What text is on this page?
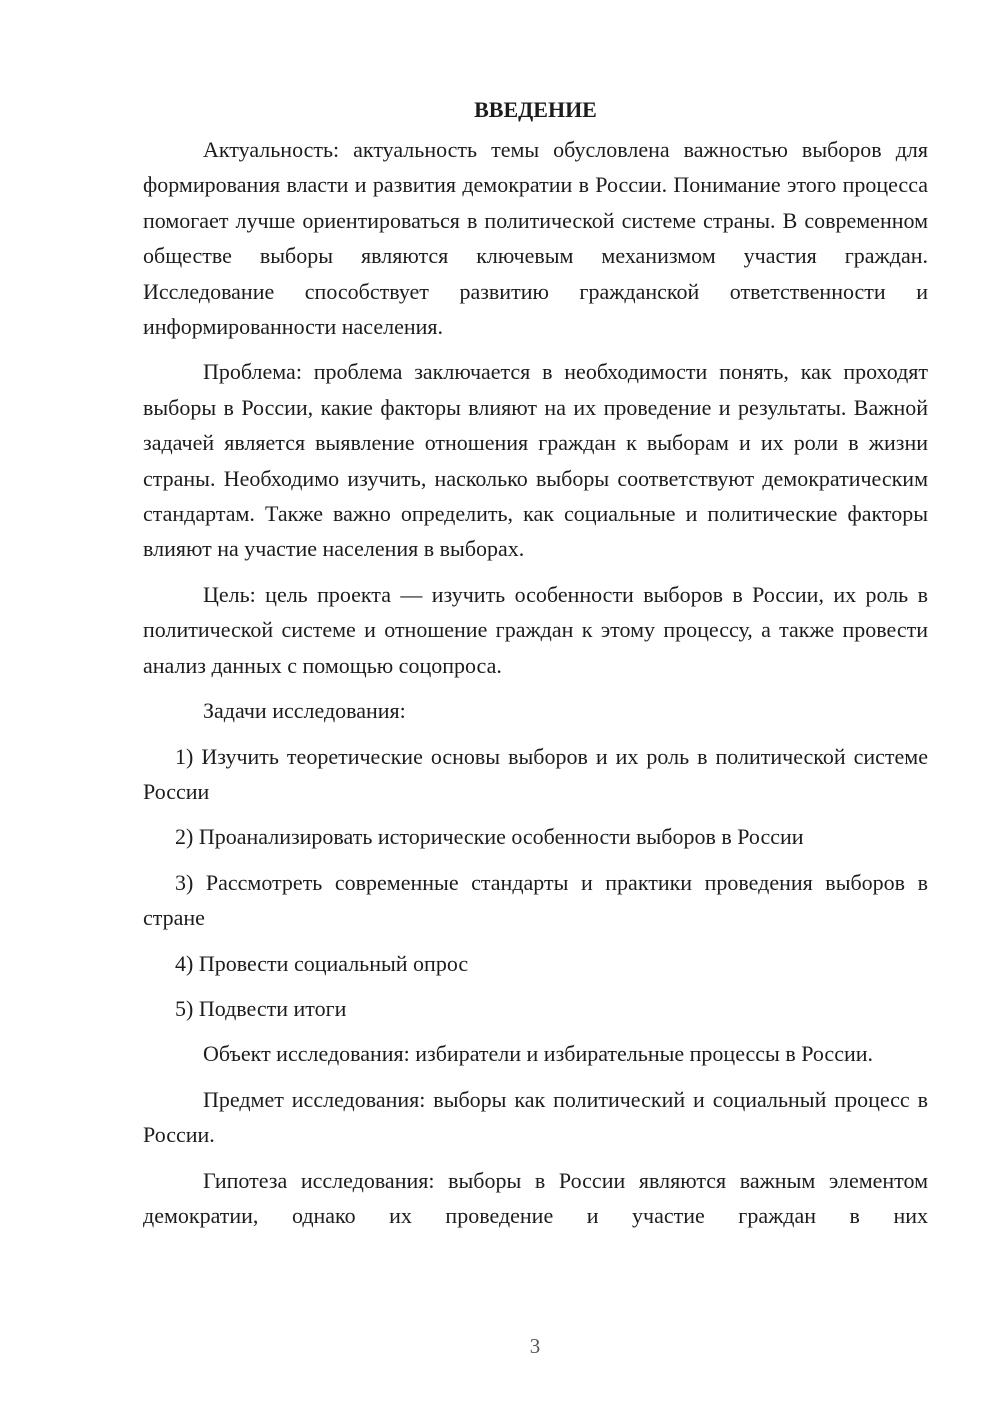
ВВЕДЕНИЕ
Актуальность: актуальность темы обусловлена важностью выборов для формирования власти и развития демократии в России. Понимание этого процесса помогает лучше ориентироваться в политической системе страны. В современном обществе выборы являются ключевым механизмом участия граждан. Исследование способствует развитию гражданской ответственности и информированности населения.
Проблема: проблема заключается в необходимости понять, как проходят выборы в России, какие факторы влияют на их проведение и результаты. Важной задачей является выявление отношения граждан к выборам и их роли в жизни страны. Необходимо изучить, насколько выборы соответствуют демократическим стандартам. Также важно определить, как социальные и политические факторы влияют на участие населения в выборах.
Цель: цель проекта — изучить особенности выборов в России, их роль в политической системе и отношение граждан к этому процессу, а также провести анализ данных с помощью соцопроса.
Задачи исследования:
1) Изучить теоретические основы выборов и их роль в политической системе России
2) Проанализировать исторические особенности выборов в России
3) Рассмотреть современные стандарты и практики проведения выборов в стране
4) Провести социальный опрос
5) Подвести итоги
Объект исследования: избиратели и избирательные процессы в России.
Предмет исследования: выборы как политический и социальный процесс в России.
Гипотеза исследования: выборы в России являются важным элементом демократии, однако их проведение и участие граждан в них
3
